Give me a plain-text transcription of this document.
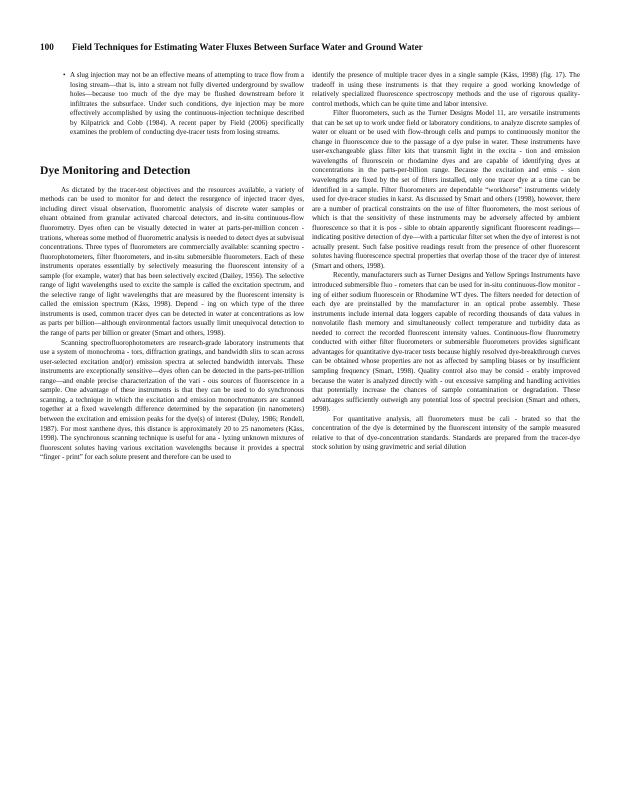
100 Field Techniques for Estimating Water Fluxes Between Surface Water and Ground Water
• A slug injection may not be an effective means of attempting to trace flow from a losing stream—that is, into a stream not fully diverted underground by swallow holes—because too much of the dye may be flushed downstream before it infiltrates the subsurface. Under such conditions, dye injection may be more effectively accomplished by using the continuous-injection technique described by Kilpatrick and Cobb (1984). A recent paper by Field (2006) specifically examines the problem of conducting dye-tracer tests from losing streams.
Dye Monitoring and Detection

As dictated by the tracer-test objectives and the resources available, a variety of methods can be used to monitor for and detect the resurgence of injected tracer dyes, including direct visual observation, fluorometric analysis of discrete water samples or eluant obtained from granular activated charcoal detectors, and in-situ continuous-flow fluorometry. Dyes often can be visually detected in water at parts-per-million concen - trations, whereas some method of fluorometric analysis is needed to detect dyes at subvisual concentrations. Three types of fluorometers are commercially available: scanning spectro - fluorophotometers, filter fluorometers, and in-situ submersible fluorometers. Each of these instruments operates essentially by selectively measuring the fluorescent intensity of a sample (for example, water) that has been selectively excited (Dailey, 1956). The selective range of light wavelengths used to excite the sample is called the excitation spectrum, and the selective range of light wavelengths that are measured by the fluorescent intensity is called the emission spectrum (Käss, 1998). Depend - ing on which type of the three instruments is used, common tracer dyes can be detected in water at concentrations as low as parts per billion—although environmental factors usually limit unequivocal detection to the range of parts per billion or greater (Smart and others, 1998).

Scanning spectrofluorophotometers are research-grade laboratory instruments that use a system of monochroma - tors, diffraction gratings, and bandwidth slits to scan across user-selected excitation and(or) emission spectra at selected bandwidth intervals. These instruments are exceptionally sensitive—dyes often can be detected in the parts-per-trillion range—and enable precise characterization of the vari - ous sources of fluorescence in a sample. One advantage of these instruments is that they can be used to do synchronous scanning, a technique in which the excitation and emission monochromators are scanned together at a fixed wavelength difference determined by the separation (in nanometers) between the excitation and emission peaks for the dye(s) of interest (Duley, 1986; Rendell, 1987). For most xanthene dyes, this distance is approximately 20 to 25 nanometers (Käss, 1998). The synchronous scanning technique is useful for ana - lyzing unknown mixtures of fluorescent solutes having various excitation wavelengths because it provides a spectral “finger - print” for each solute present and therefore can be used to

identify the presence of multiple tracer dyes in a single sample (Käss, 1998) (fig. 17). The tradeoff in using these instruments is that they require a good working knowledge of relatively specialized fluorescence spectroscopy methods and the use of rigorous quality-control methods, which can be quite time and labor intensive.

Filter fluorometers, such as the Turner Designs Model 11, are versatile instruments that can be set up to work under field or laboratory conditions, to analyze discrete samples of water or eluant or be used with flow-through cells and pumps to continuously monitor the change in fluorescence due to the passage of a dye pulse in water. These instruments have user-exchangeable glass filter kits that transmit light in the excita - tion and emission wavelengths of fluorescein or rhodamine dyes and are capable of identifying dyes at concentrations in the parts-per-billion range. Because the excitation and emis - sion wavelengths are fixed by the set of filters installed, only one tracer dye at a time can be identified in a sample. Filter fluorometers are dependable “workhorse” instruments widely used for dye-tracer studies in karst. As discussed by Smart and others (1998), however, there are a number of practical constraints on the use of filter fluorometers, the most serious of which is that the sensitivity of these instruments may be adversely affected by ambient fluorescence so that it is pos - sible to obtain apparently significant fluorescent readings—indicating positive detection of dye—with a particular filter set when the dye of interest is not actually present. Such false positive readings result from the presence of other fluorescent solutes having fluorescence spectral properties that overlap those of the tracer dye of interest (Smart and others, 1998).

Recently, manufacturers such as Turner Designs and Yellow Springs Instruments have introduced submersible fluo - rometers that can be used for in-situ continuous-flow monitor - ing of either sodium fluorescein or Rhodamine WT dyes. The filters needed for detection of each dye are preinstalled by the manufacturer in an optical probe assembly. These instruments include internal data loggers capable of recording thousands of data values in nonvolatile flash memory and simultaneously collect temperature and turbidity data as needed to correct the recorded fluorescent intensity values. Continuous-flow fluorometry conducted with either filter fluorometers or submersible fluorometers provides significant advantages for quantitative dye-tracer tests because highly resolved dye-breakthrough curves can be obtained whose properties are not as affected by sampling biases or by insufficient sampling frequency (Smart, 1998). Quality control also may be consid - erably improved because the water is analyzed directly with - out excessive sampling and handling activities that potentially increase the chances of sample contamination or degradation. These advantages sufficiently outweigh any potential loss of spectral precision (Smart and others, 1998).

For quantitative analysis, all fluorometers must be cali - brated so that the concentration of the dye is determined by the fluorescent intensity of the sample measured relative to that of dye-concentration standards. Standards are prepared from the tracer-dye stock solution by using gravimetric and serial dilution
